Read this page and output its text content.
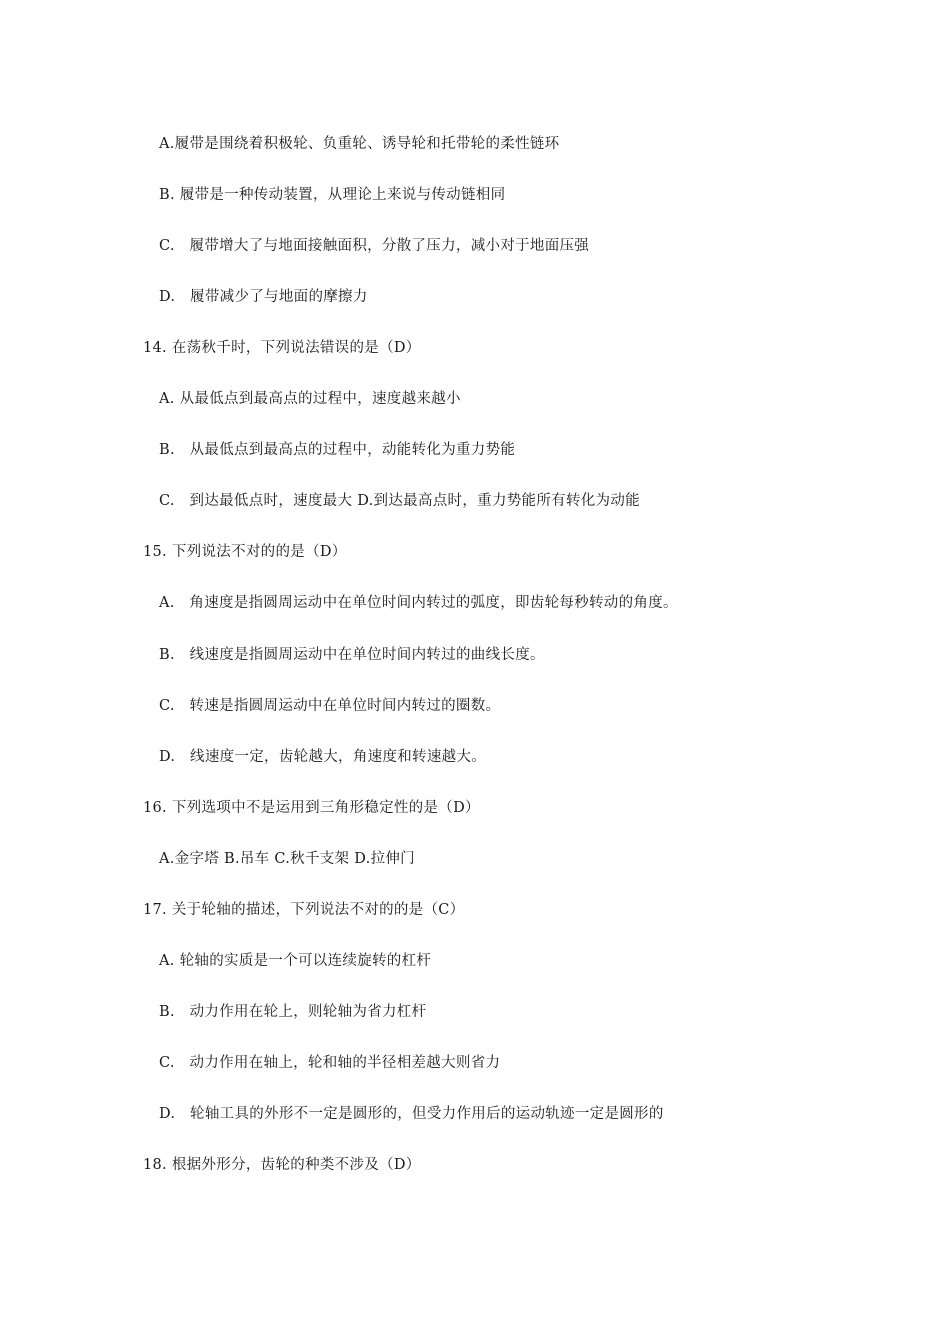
A.履带是围绕着积极轮、负重轮、诱导轮和托带轮的柔性链环
B. 履带是一种传动装置，从理论上来说与传动链相同
C.   履带增大了与地面接触面积，分散了压力，减小对于地面压强
D.   履带减少了与地面的摩擦力
14. 在荡秋千时，下列说法错误的是（D）
A. 从最低点到最高点的过程中，速度越来越小
B.   从最低点到最高点的过程中，动能转化为重力势能
C.   到达最低点时，速度最大 D.到达最高点时，重力势能所有转化为动能
15. 下列说法不对的的是（D）
A.   角速度是指圆周运动中在单位时间内转过的弧度，即齿轮每秒转动的角度。
B.   线速度是指圆周运动中在单位时间内转过的曲线长度。
C.   转速是指圆周运动中在单位时间内转过的圈数。
D.   线速度一定，齿轮越大，角速度和转速越大。
16. 下列选项中不是运用到三角形稳定性的是（D）
A.金字塔 B.吊车 C.秋千支架 D.拉伸门
17. 关于轮轴的描述，下列说法不对的的是（C）
A. 轮轴的实质是一个可以连续旋转的杠杆
B.   动力作用在轮上，则轮轴为省力杠杆
C.   动力作用在轴上，轮和轴的半径相差越大则省力
D.   轮轴工具的外形不一定是圆形的，但受力作用后的运动轨迹一定是圆形的
18. 根据外形分，齿轮的种类不涉及（D）
